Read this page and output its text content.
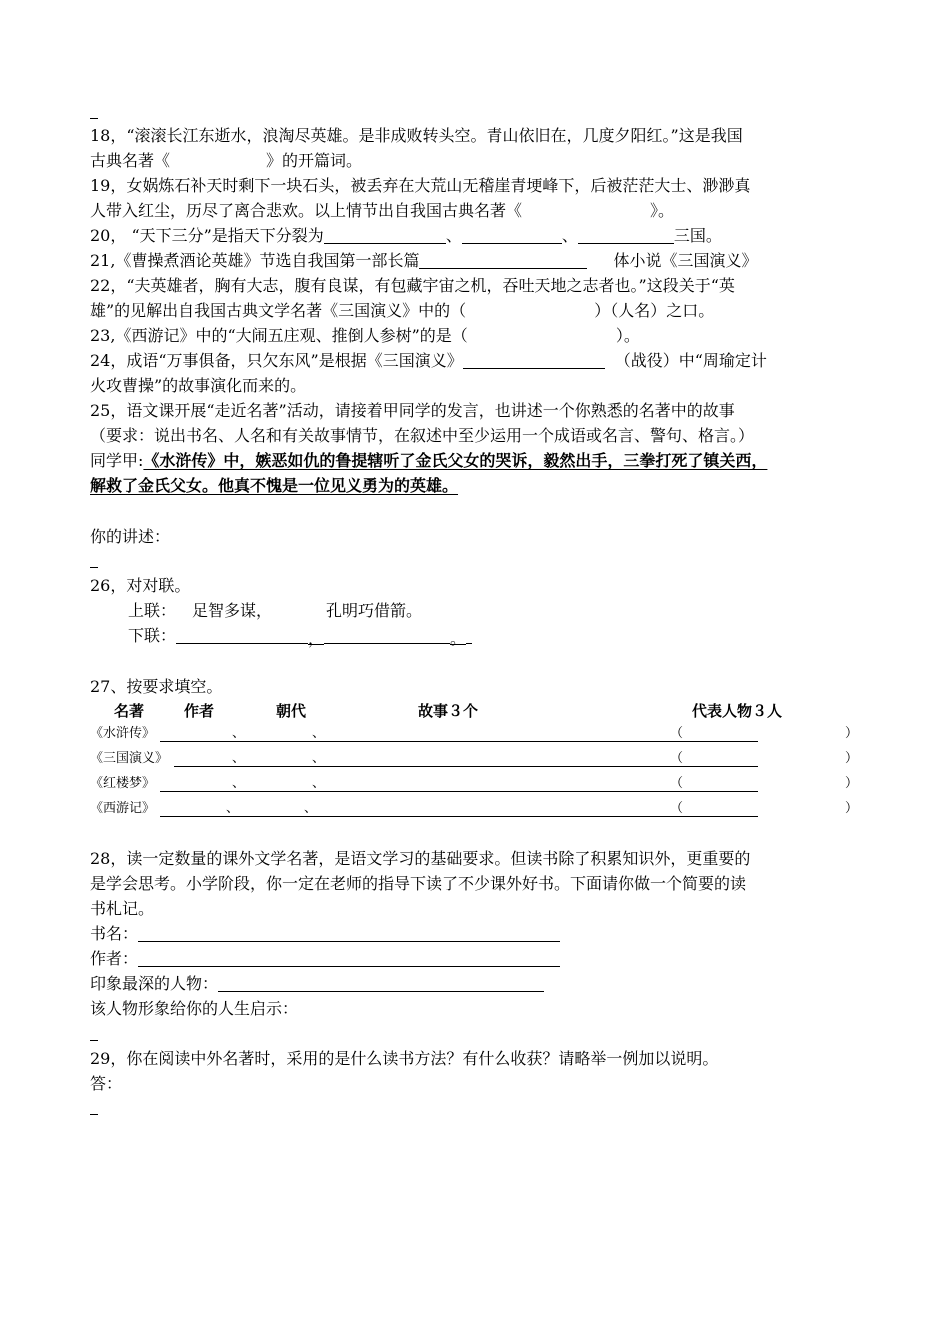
18，“滚滚长江东逝水，浪淘尽英雄。是非成败转头空。青山依旧在，几度夕阳红。”这是我国
古典名著《	》的开篇词。
19，女娲炼石补天时剩下一块石头，被丢弃在大荒山无稽崖青埂峰下，后被茫茫大士、渺渺真
人带入红尘，历尽了离合悲欢。以上情节出自我国古典名著《	》。
20， “天下三分”是指天下分裂为	、	、	三国。
21,《曹操煮酒论英雄》节选自我国第一部长篇	体小说《三国演义》
22，“夫英雄者，胸有大志，腹有良谋，有包藏宇宙之机，吞吐天地之志者也。”这段关于“英
雄”的见解出自我国古典文学名著《三国演义》中的（	）（人名）之口。
23,《西游记》中的“大闹五庄观、推倒人参树”的是（	）。
24，成语“万事俱备，只欠东风”是根据《三国演义》	（战役）中“周瑜定计
火攻曹操”的故事演化而来的。
25，语文课开展“走近名著”活动，请接着甲同学的发言，也讲述一个你熟悉的名著中的故事
（要求：说出书名、人名和有关故事情节，在叙述中至少运用一个成语或名言、警句、格言。）
同学甲:《水浒传》中，嫉恶如仇的鲁提辖听了金氏父女的哭诉，毅然出手，三拳打死了镇关西，
解救了金氏父女。他真不愧是一位见义勇为的英雄。
你的讲述：
26，对对联。
上联： 足智多谋，	孔明巧借箭。
下联：	，	。
27、按要求填空。
名著	作者	朝代	故事３个	代表人物３人
《水浒传》	、	、	（	）
《三国演义》	、	、	（	）
《红楼梦》	、	、	（	）
《西游记》	、	、	（	）
28，读一定数量的课外文学名著，是语文学习的基础要求。但读书除了积累知识外，更重要的
是学会思考。小学阶段，你一定在老师的指导下读了不少课外好书。下面请你做一个简要的读
书札记。
书名：
作者：
印象最深的人物：
该人物形象给你的人生启示：
29，你在阅读中外名著时，采用的是什么读书方法？有什么收获？请略举一例加以说明。
答：
